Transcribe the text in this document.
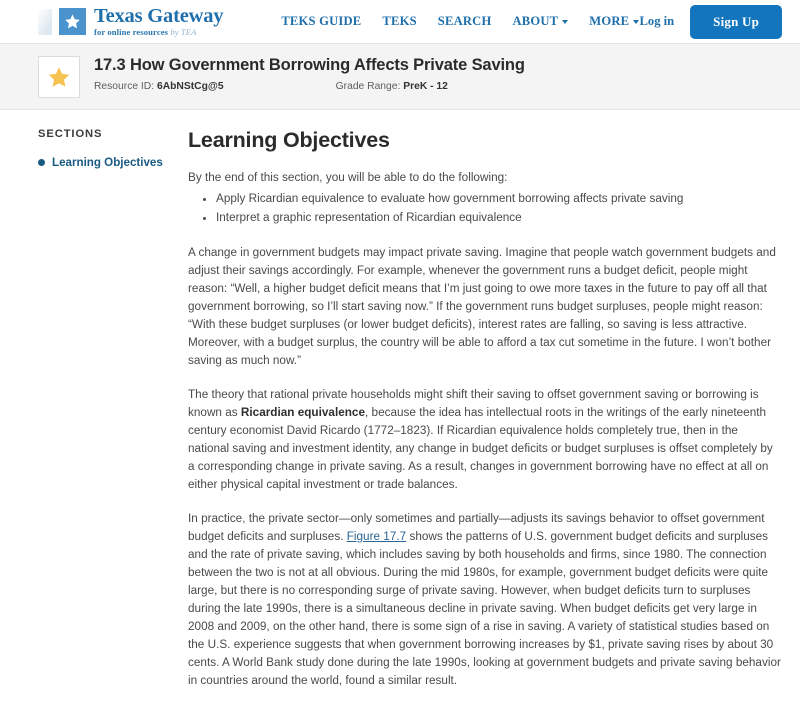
Texas Gateway
for online resources by TEA
TEKS GUIDE TEKS SEARCH ABOUT MORE Log in	Sign Up
17.3 How Government Borrowing Affects Private Saving
Resource ID: 6AbNStCg@5	Grade Range: PreK - 12
SECTIONS
Learning Objectives
Learning Objectives

By the end of this section, you will be able to do the following:

• Apply Ricardian equivalence to evaluate how government borrowing affects private saving
• Interpret a graphic representation of Ricardian equivalence

A change in government budgets may impact private saving. Imagine that people watch government budgets and adjust their savings accordingly. For example, whenever the government runs a budget deficit, people might reason: “Well, a higher budget deficit means that I’m just going to owe more taxes in the future to pay off all that government borrowing, so I’ll start saving now.” If the government runs budget surpluses, people might reason: “With these budget surpluses (or lower budget deficits), interest rates are falling, so saving is less attractive. Moreover, with a budget surplus, the country will be able to afford a tax cut sometime in the future. I won’t bother saving as much now.”

The theory that rational private households might shift their saving to offset government saving or borrowing is known as Ricardian equivalence, because the idea has intellectual roots in the writings of the early nineteenth century economist David Ricardo (1772–1823). If Ricardian equivalence holds completely true, then in the national saving and investment identity, any change in budget deficits or budget surpluses is offset completely by a corresponding change in private saving. As a result, changes in government borrowing have no effect at all on either physical capital investment or trade balances.

In practice, the private sector—only sometimes and partially—adjusts its savings behavior to offset government budget deficits and surpluses. Figure 17.7 shows the patterns of U.S. government budget deficits and surpluses and the rate of private saving, which includes saving by both households and firms, since 1980. The connection between the two is not at all obvious. During the mid 1980s, for example, government budget deficits were quite large, but there is no corresponding surge of private saving. However, when budget deficits turn to surpluses during the late 1990s, there is a simultaneous decline in private saving. When budget deficits get very large in 2008 and 2009, on the other hand, there is some sign of a rise in saving. A variety of statistical studies based on the U.S. experience suggests that when government borrowing increases by $1, private saving rises by about 30 cents. A World Bank study done during the late 1990s, looking at government budgets and private saving behavior in countries around the world, found a similar result.
